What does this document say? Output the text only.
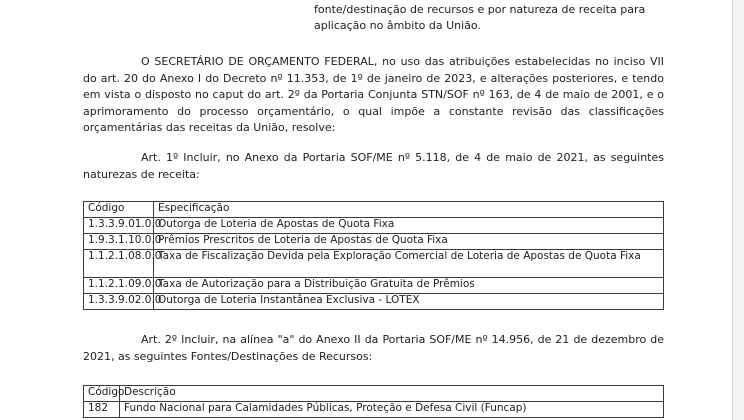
fonte/destinação de recursos e por natureza de receita para
aplicação no âmbito da União.
O SECRETÁRIO DE ORÇAMENTO FEDERAL, no uso das atribuições estabelecidas no inciso VII do art. 20 do Anexo I do Decreto nº 11.353, de 1º de janeiro de 2023, e alterações posteriores, e tendo em vista o disposto no caput do art. 2º da Portaria Conjunta STN/SOF nº 163, de 4 de maio de 2001, e o aprimoramento do processo orçamentário, o qual impõe a constante revisão das classificações orçamentárias das receitas da União, resolve:
Art. 1º Incluir, no Anexo da Portaria SOF/ME nº 5.118, de 4 de maio de 2021, as seguintes naturezas de receita:
Código	Especificação
1.3.3.9.01.0.0	Outorga de Loteria de Apostas de Quota Fixa
1.9.3.1.10.0.0	Prêmios Prescritos de Loteria de Apostas de Quota Fixa
1.1.2.1.08.0.0	Taxa de Fiscalização Devida pela Exploração Comercial de Loteria de Apostas de Quota Fixa
1.1.2.1.09.0.0	Taxa de Autorização para a Distribuição Gratuita de Prêmios
1.3.3.9.02.0.0	Outorga de Loteria Instantânea Exclusiva - LOTEX
Art. 2º Incluir, na alínea "a" do Anexo II da Portaria SOF/ME nº 14.956, de 21 de dezembro de 2021, as seguintes Fontes/Destinações de Recursos:
Código	Descrição
182	Fundo Nacional para Calamidades Públicas, Proteção e Defesa Civil (Funcap)
